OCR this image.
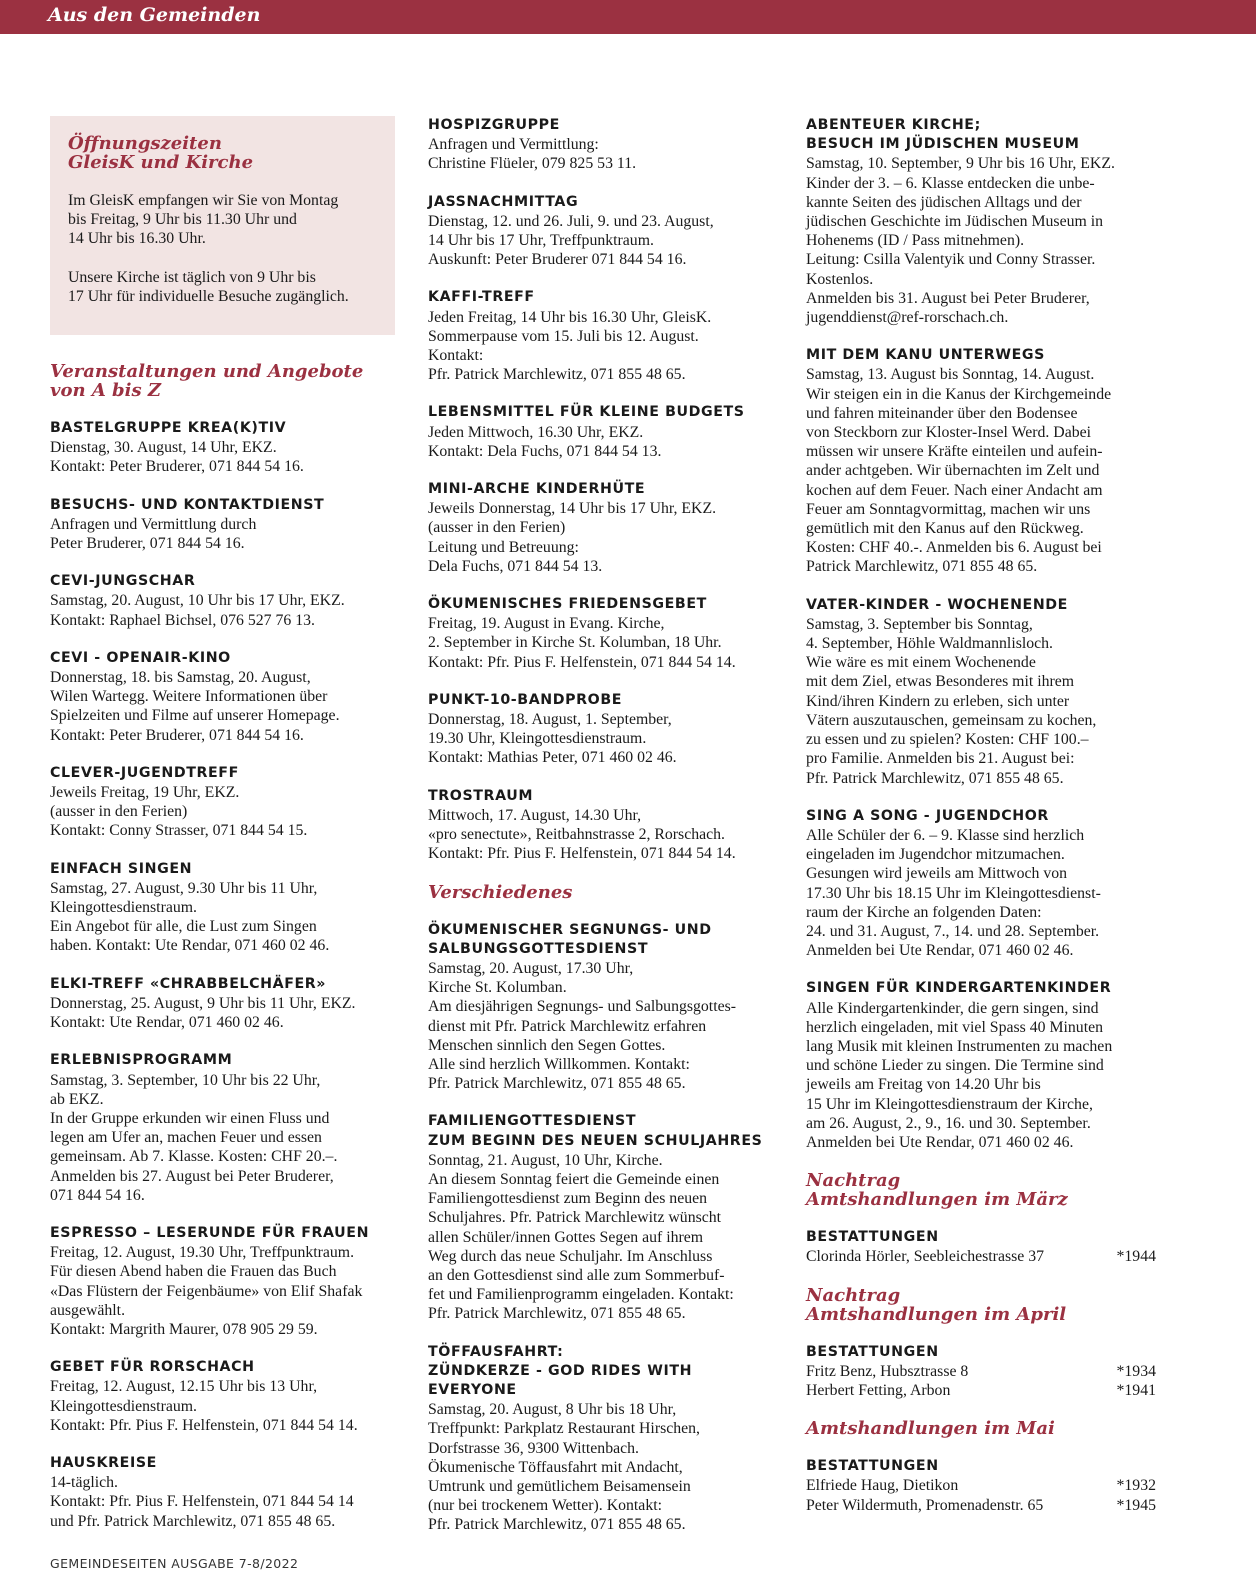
Aus den Gemeinden
Öffnungszeiten
GleisK und Kirche
Im GleisK empfangen wir Sie von Montag
bis Freitag, 9 Uhr bis 11.30 Uhr und
14 Uhr bis 16.30 Uhr.
Unsere Kirche ist täglich von 9 Uhr bis
17 Uhr für individuelle Besuche zugänglich.
Veranstaltungen und Angebote
von A bis Z
BASTELGRUPPE KREA(K)TIV
Dienstag, 30. August, 14 Uhr, EKZ.
Kontakt: Peter Bruderer, 071 844 54 16.
BESUCHS- UND KONTAKTDIENST
Anfragen und Vermittlung durch
Peter Bruderer, 071 844 54 16.
CEVI-JUNGSCHAR
Samstag, 20. August, 10 Uhr bis 17 Uhr, EKZ.
Kontakt: Raphael Bichsel, 076 527 76 13.
CEVI - OPENAIR-KINO
Donnerstag, 18. bis Samstag, 20. August,
Wilen Wartegg. Weitere Informationen über
Spielzeiten und Filme auf unserer Homepage.
Kontakt: Peter Bruderer, 071 844 54 16.
CLEVER-JUGENDTREFF
Jeweils Freitag, 19 Uhr, EKZ.
(ausser in den Ferien)
Kontakt: Conny Strasser, 071 844 54 15.
EINFACH SINGEN
Samstag, 27. August, 9.30 Uhr bis 11 Uhr,
Kleingottesdienstraum.
Ein Angebot für alle, die Lust zum Singen
haben. Kontakt: Ute Rendar, 071 460 02 46.
ELKI-TREFF «CHRABBELCHÄFER»
Donnerstag, 25. August, 9 Uhr bis 11 Uhr, EKZ.
Kontakt: Ute Rendar, 071 460 02 46.
ERLEBNISPROGRAMM
Samstag, 3. September, 10 Uhr bis 22 Uhr,
ab EKZ.
In der Gruppe erkunden wir einen Fluss und
legen am Ufer an, machen Feuer und essen
gemeinsam. Ab 7. Klasse. Kosten: CHF 20.–.
Anmelden bis 27. August bei Peter Bruderer,
071 844 54 16.
ESPRESSO – LESERUNDE FÜR FRAUEN
Freitag, 12. August, 19.30 Uhr, Treffpunktraum.
Für diesen Abend haben die Frauen das Buch
«Das Flüstern der Feigenbäume» von Elif Shafak
ausgewählt.
Kontakt: Margrith Maurer, 078 905 29 59.
GEBET FÜR RORSCHACH
Freitag, 12. August, 12.15 Uhr bis 13 Uhr,
Kleingottesdienstraum.
Kontakt: Pfr. Pius F. Helfenstein, 071 844 54 14.
HAUSKREISE
14-täglich.
Kontakt: Pfr. Pius F. Helfenstein, 071 844 54 14
und Pfr. Patrick Marchlewitz, 071 855 48 65.
HOSPIZGRUPPE
Anfragen und Vermittlung:
Christine Flüeler, 079 825 53 11.
JASSNACHMITTAG
Dienstag, 12. und 26. Juli, 9. und 23. August,
14 Uhr bis 17 Uhr, Treffpunktraum.
Auskunft: Peter Bruderer 071 844 54 16.
KAFFI-TREFF
Jeden Freitag, 14 Uhr bis 16.30 Uhr, GleisK.
Sommerpause vom 15. Juli bis 12. August.
Kontakt:
Pfr. Patrick Marchlewitz, 071 855 48 65.
LEBENSMITTEL FÜR KLEINE BUDGETS
Jeden Mittwoch, 16.30 Uhr, EKZ.
Kontakt: Dela Fuchs, 071 844 54 13.
MINI-ARCHE KINDERHÜTE
Jeweils Donnerstag, 14 Uhr bis 17 Uhr, EKZ.
(ausser in den Ferien)
Leitung und Betreuung:
Dela Fuchs, 071 844 54 13.
ÖKUMENISCHES FRIEDENSGEBET
Freitag, 19. August in Evang. Kirche,
2. September in Kirche St. Kolumban, 18 Uhr.
Kontakt: Pfr. Pius F. Helfenstein, 071 844 54 14.
PUNKT-10-BANDPROBE
Donnerstag, 18. August, 1. September,
19.30 Uhr, Kleingottesdienstraum.
Kontakt: Mathias Peter, 071 460 02 46.
TROSTRAUM
Mittwoch, 17. August, 14.30 Uhr,
«pro senectute», Reitbahnstrasse 2, Rorschach.
Kontakt: Pfr. Pius F. Helfenstein, 071 844 54 14.
Verschiedenes
ÖKUMENISCHER SEGNUNGS- UND
SALBUNGSGOTTESDIENST
Samstag, 20. August, 17.30 Uhr,
Kirche St. Kolumban.
Am diesjährigen Segnungs- und Salbungsgottes-
dienst mit Pfr. Patrick Marchlewitz erfahren
Menschen sinnlich den Segen Gottes.
Alle sind herzlich Willkommen. Kontakt:
Pfr. Patrick Marchlewitz, 071 855 48 65.
FAMILIENGOTTESDIENST
ZUM BEGINN DES NEUEN SCHULJAHRES
Sonntag, 21. August, 10 Uhr, Kirche.
An diesem Sonntag feiert die Gemeinde einen
Familiengottesdienst zum Beginn des neuen
Schuljahres. Pfr. Patrick Marchlewitz wünscht
allen Schüler/innen Gottes Segen auf ihrem
Weg durch das neue Schuljahr. Im Anschluss
an den Gottesdienst sind alle zum Sommerbuf-
fet und Familienprogramm eingeladen. Kontakt:
Pfr. Patrick Marchlewitz, 071 855 48 65.
TÖFFAUSFAHRT:
ZÜNDKERZE - GOD RIDES WITH EVERYONE
Samstag, 20. August, 8 Uhr bis 18 Uhr,
Treffpunkt: Parkplatz Restaurant Hirschen,
Dorfstrasse 36, 9300 Wittenbach.
Ökumenische Töffausfahrt mit Andacht,
Umtrunk und gemütlichem Beisamensein
(nur bei trockenem Wetter). Kontakt:
Pfr. Patrick Marchlewitz, 071 855 48 65.
ABENTEUER KIRCHE;
BESUCH IM JÜDISCHEN MUSEUM
Samstag, 10. September, 9 Uhr bis 16 Uhr, EKZ.
Kinder der 3. – 6. Klasse entdecken die unbe-
kannte Seiten des jüdischen Alltags und der
jüdischen Geschichte im Jüdischen Museum in
Hohenems (ID / Pass mitnehmen).
Leitung: Csilla Valentyik und Conny Strasser.
Kostenlos.
Anmelden bis 31. August bei Peter Bruderer,
jugenddienst@ref-rorschach.ch.
MIT DEM KANU UNTERWEGS
Samstag, 13. August bis Sonntag, 14. August.
Wir steigen ein in die Kanus der Kirchgemeinde
und fahren miteinander über den Bodensee
von Steckborn zur Kloster-Insel Werd. Dabei
müssen wir unsere Kräfte einteilen und aufein-
ander achtgeben. Wir übernachten im Zelt und
kochen auf dem Feuer. Nach einer Andacht am
Feuer am Sonntagvormittag, machen wir uns
gemütlich mit den Kanus auf den Rückweg.
Kosten: CHF 40.-. Anmelden bis 6. August bei
Patrick Marchlewitz, 071 855 48 65.
VATER-KINDER - WOCHENENDE
Samstag, 3. September bis Sonntag,
4. September, Höhle Waldmannlisloch.
Wie wäre es mit einem Wochenende
mit dem Ziel, etwas Besonderes mit ihrem
Kind/ihren Kindern zu erleben, sich unter
Vätern auszutauschen, gemeinsam zu kochen,
zu essen und zu spielen? Kosten: CHF 100.–
pro Familie. Anmelden bis 21. August bei:
Pfr. Patrick Marchlewitz, 071 855 48 65.
SING A SONG - JUGENDCHOR
Alle Schüler der 6. – 9. Klasse sind herzlich
eingeladen im Jugendchor mitzumachen.
Gesungen wird jeweils am Mittwoch von
17.30 Uhr bis 18.15 Uhr im Kleingottesdienst-
raum der Kirche an folgenden Daten:
24. und 31. August, 7., 14. und 28. September.
Anmelden bei Ute Rendar, 071 460 02 46.
SINGEN FÜR KINDERGARTENKINDER
Alle Kindergartenkinder, die gern singen, sind
herzlich eingeladen, mit viel Spass 40 Minuten
lang Musik mit kleinen Instrumenten zu machen
und schöne Lieder zu singen. Die Termine sind
jeweils am Freitag von 14.20 Uhr bis
15 Uhr im Kleingottesdienstraum der Kirche,
am 26. August, 2., 9., 16. und 30. September.
Anmelden bei Ute Rendar, 071 460 02 46.
Nachtrag
Amtshandlungen im März
BESTATTUNGEN
Clorinda Hörler, Seebleichestrasse 37	*1944
Nachtrag
Amtshandlungen im April
BESTATTUNGEN
Fritz Benz, Hubsztrasse 8	*1934
Herbert Fetting, Arbon	*1941
Amtshandlungen im Mai
BESTATTUNGEN
Elfriede Haug, Dietikon	*1932
Peter Wildermuth, Promenadenstr. 65	*1945
GEMEINDESEITEN AUSGABE 7-8/2022
